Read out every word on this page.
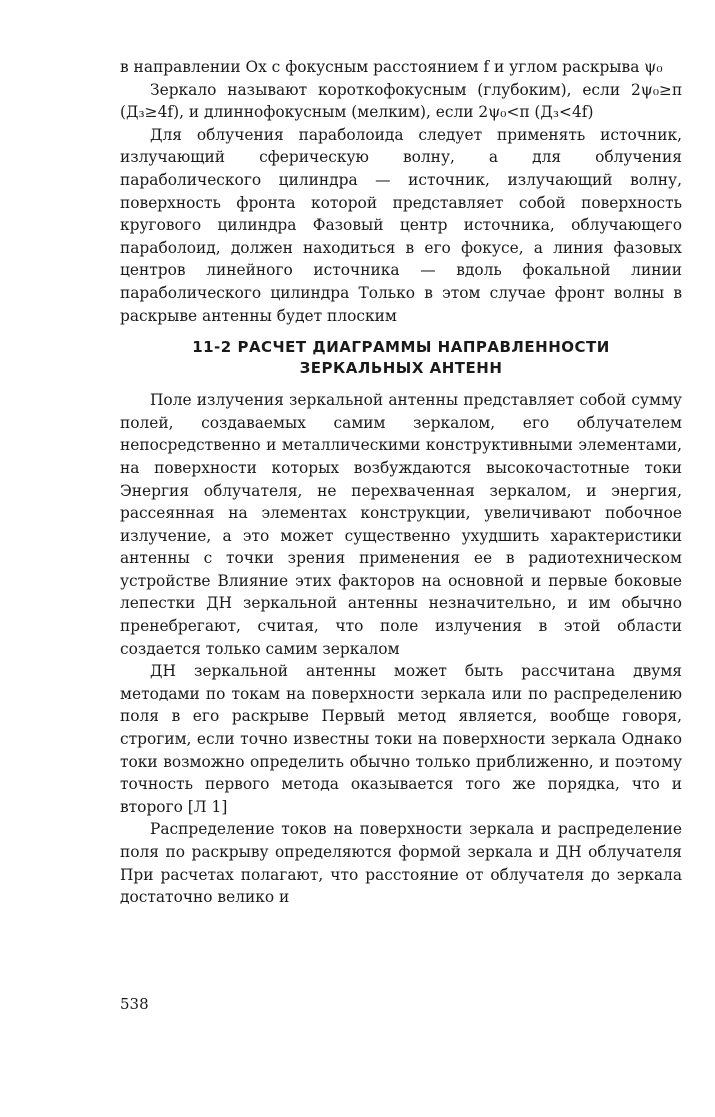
в направлении Ox с фокусным расстоянием f и углом раскрыва ψ₀

Зеркало называют короткофокусным (глубоким), если 2ψ₀≥π (Д₃≥4f), и длиннофокусным (мелким), если 2ψ₀<π (Д₃<4f)

Для облучения параболоида следует применять источник, излучающий сферическую волну, а для облучения параболического цилиндра — источник, излучающий волну, поверхность фронта которой представляет собой поверхность кругового цилиндра Фазовый центр источника, облучающего параболоид, должен находиться в его фокусе, а линия фазовых центров линейного источника — вдоль фокальной линии параболического цилиндра Только в этом случае фронт волны в раскрыве антенны будет плоским

11-2 РАСЧЕТ ДИАГРАММЫ НАПРАВЛЕННОСТИ
ЗЕРКАЛЬНЫХ АНТЕНН

Поле излучения зеркальной антенны представляет собой сумму полей, создаваемых самим зеркалом, его облучателем непосредственно и металлическими конструктивными элементами, на поверхности которых возбуждаются высокочастотные токи Энергия облучателя, не перехваченная зеркалом, и энергия, рассеянная на элементах конструкции, увеличивают побочное излучение, а это может существенно ухудшить характеристики антенны с точки зрения применения ее в радиотехническом устройстве Влияние этих факторов на основной и первые боковые лепестки ДН зеркальной антенны незначительно, и им обычно пренебрегают, считая, что поле излучения в этой области создается только самим зеркалом

ДН зеркальной антенны может быть рассчитана двумя методами по токам на поверхности зеркала или по распределению поля в его раскрыве Первый метод является, вообще говоря, строгим, если точно известны токи на поверхности зеркала Однако токи возможно определить обычно только приближенно, и поэтому точность первого метода оказывается того же порядка, что и второго [Л 1]

Распределение токов на поверхности зеркала и распределение поля по раскрыву определяются формой зеркала и ДН облучателя При расчетах полагают, что расстояние от облучателя до зеркала достаточно велико и

538
